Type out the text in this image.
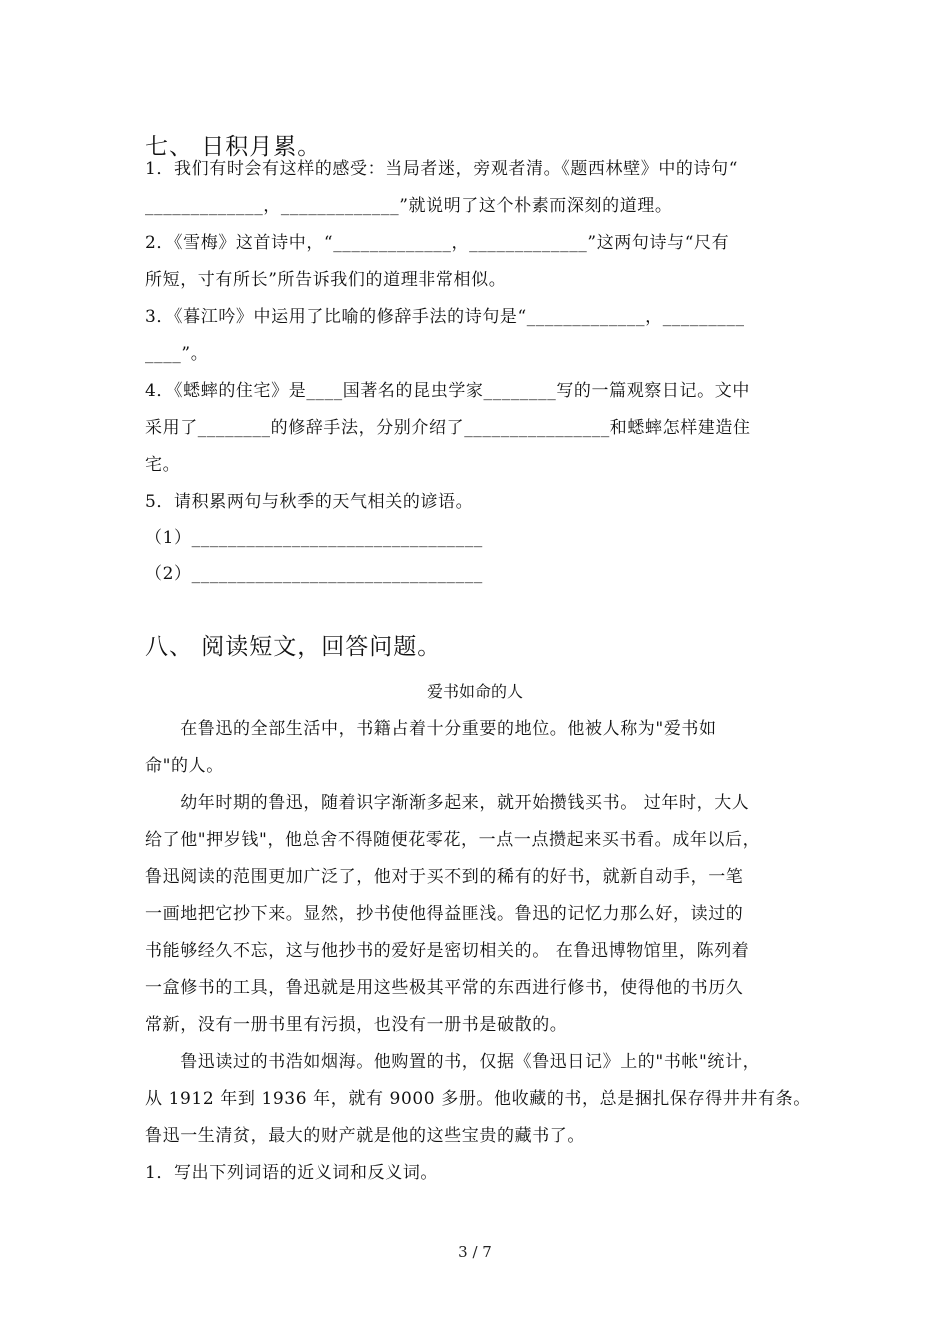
七、 日积月累。
1．我们有时会有这样的感受：当局者迷，旁观者清。《题西林壁》中的诗句“
_____________，_____________”就说明了这个朴素而深刻的道理。
2．《雪梅》这首诗中，“_____________，_____________”这两句诗与“尺有
所短，寸有所长”所告诉我们的道理非常相似。
3．《暮江吟》中运用了比喻的修辞手法的诗句是“_____________，_________
____”。
4．《蟋蟀的住宅》是____国著名的昆虫学家________写的一篇观察日记。文中
采用了________的修辞手法，分别介绍了________________和蟋蟀怎样建造住
宅。
5．请积累两句与秋季的天气相关的谚语。
（1）________________________________
（2）________________________________
八、 阅读短文，回答问题。
爱书如命的人
　　在鲁迅的全部生活中，书籍占着十分重要的地位。他被人称为"爱书如
命"的人。
　　幼年时期的鲁迅，随着识字渐渐多起来，就开始攒钱买书。 过年时，大人
给了他"押岁钱"，他总舍不得随便花零花，一点一点攒起来买书看。成年以后，
鲁迅阅读的范围更加广泛了，他对于买不到的稀有的好书，就新自动手，一笔
一画地把它抄下来。显然，抄书使他得益匪浅。鲁迅的记忆力那么好，读过的
书能够经久不忘，这与他抄书的爱好是密切相关的。 在鲁迅博物馆里，陈列着
一盒修书的工具，鲁迅就是用这些极其平常的东西进行修书，使得他的书历久
常新，没有一册书里有污损，也没有一册书是破散的。
　　鲁迅读过的书浩如烟海。他购置的书，仅据《鲁迅日记》上的"书帐"统计，
从 1912 年到 1936 年，就有 9000 多册。他收藏的书，总是捆扎保存得井井有条。
鲁迅一生清贫，最大的财产就是他的这些宝贵的藏书了。
1．写出下列词语的近义词和反义词。
3 / 7
